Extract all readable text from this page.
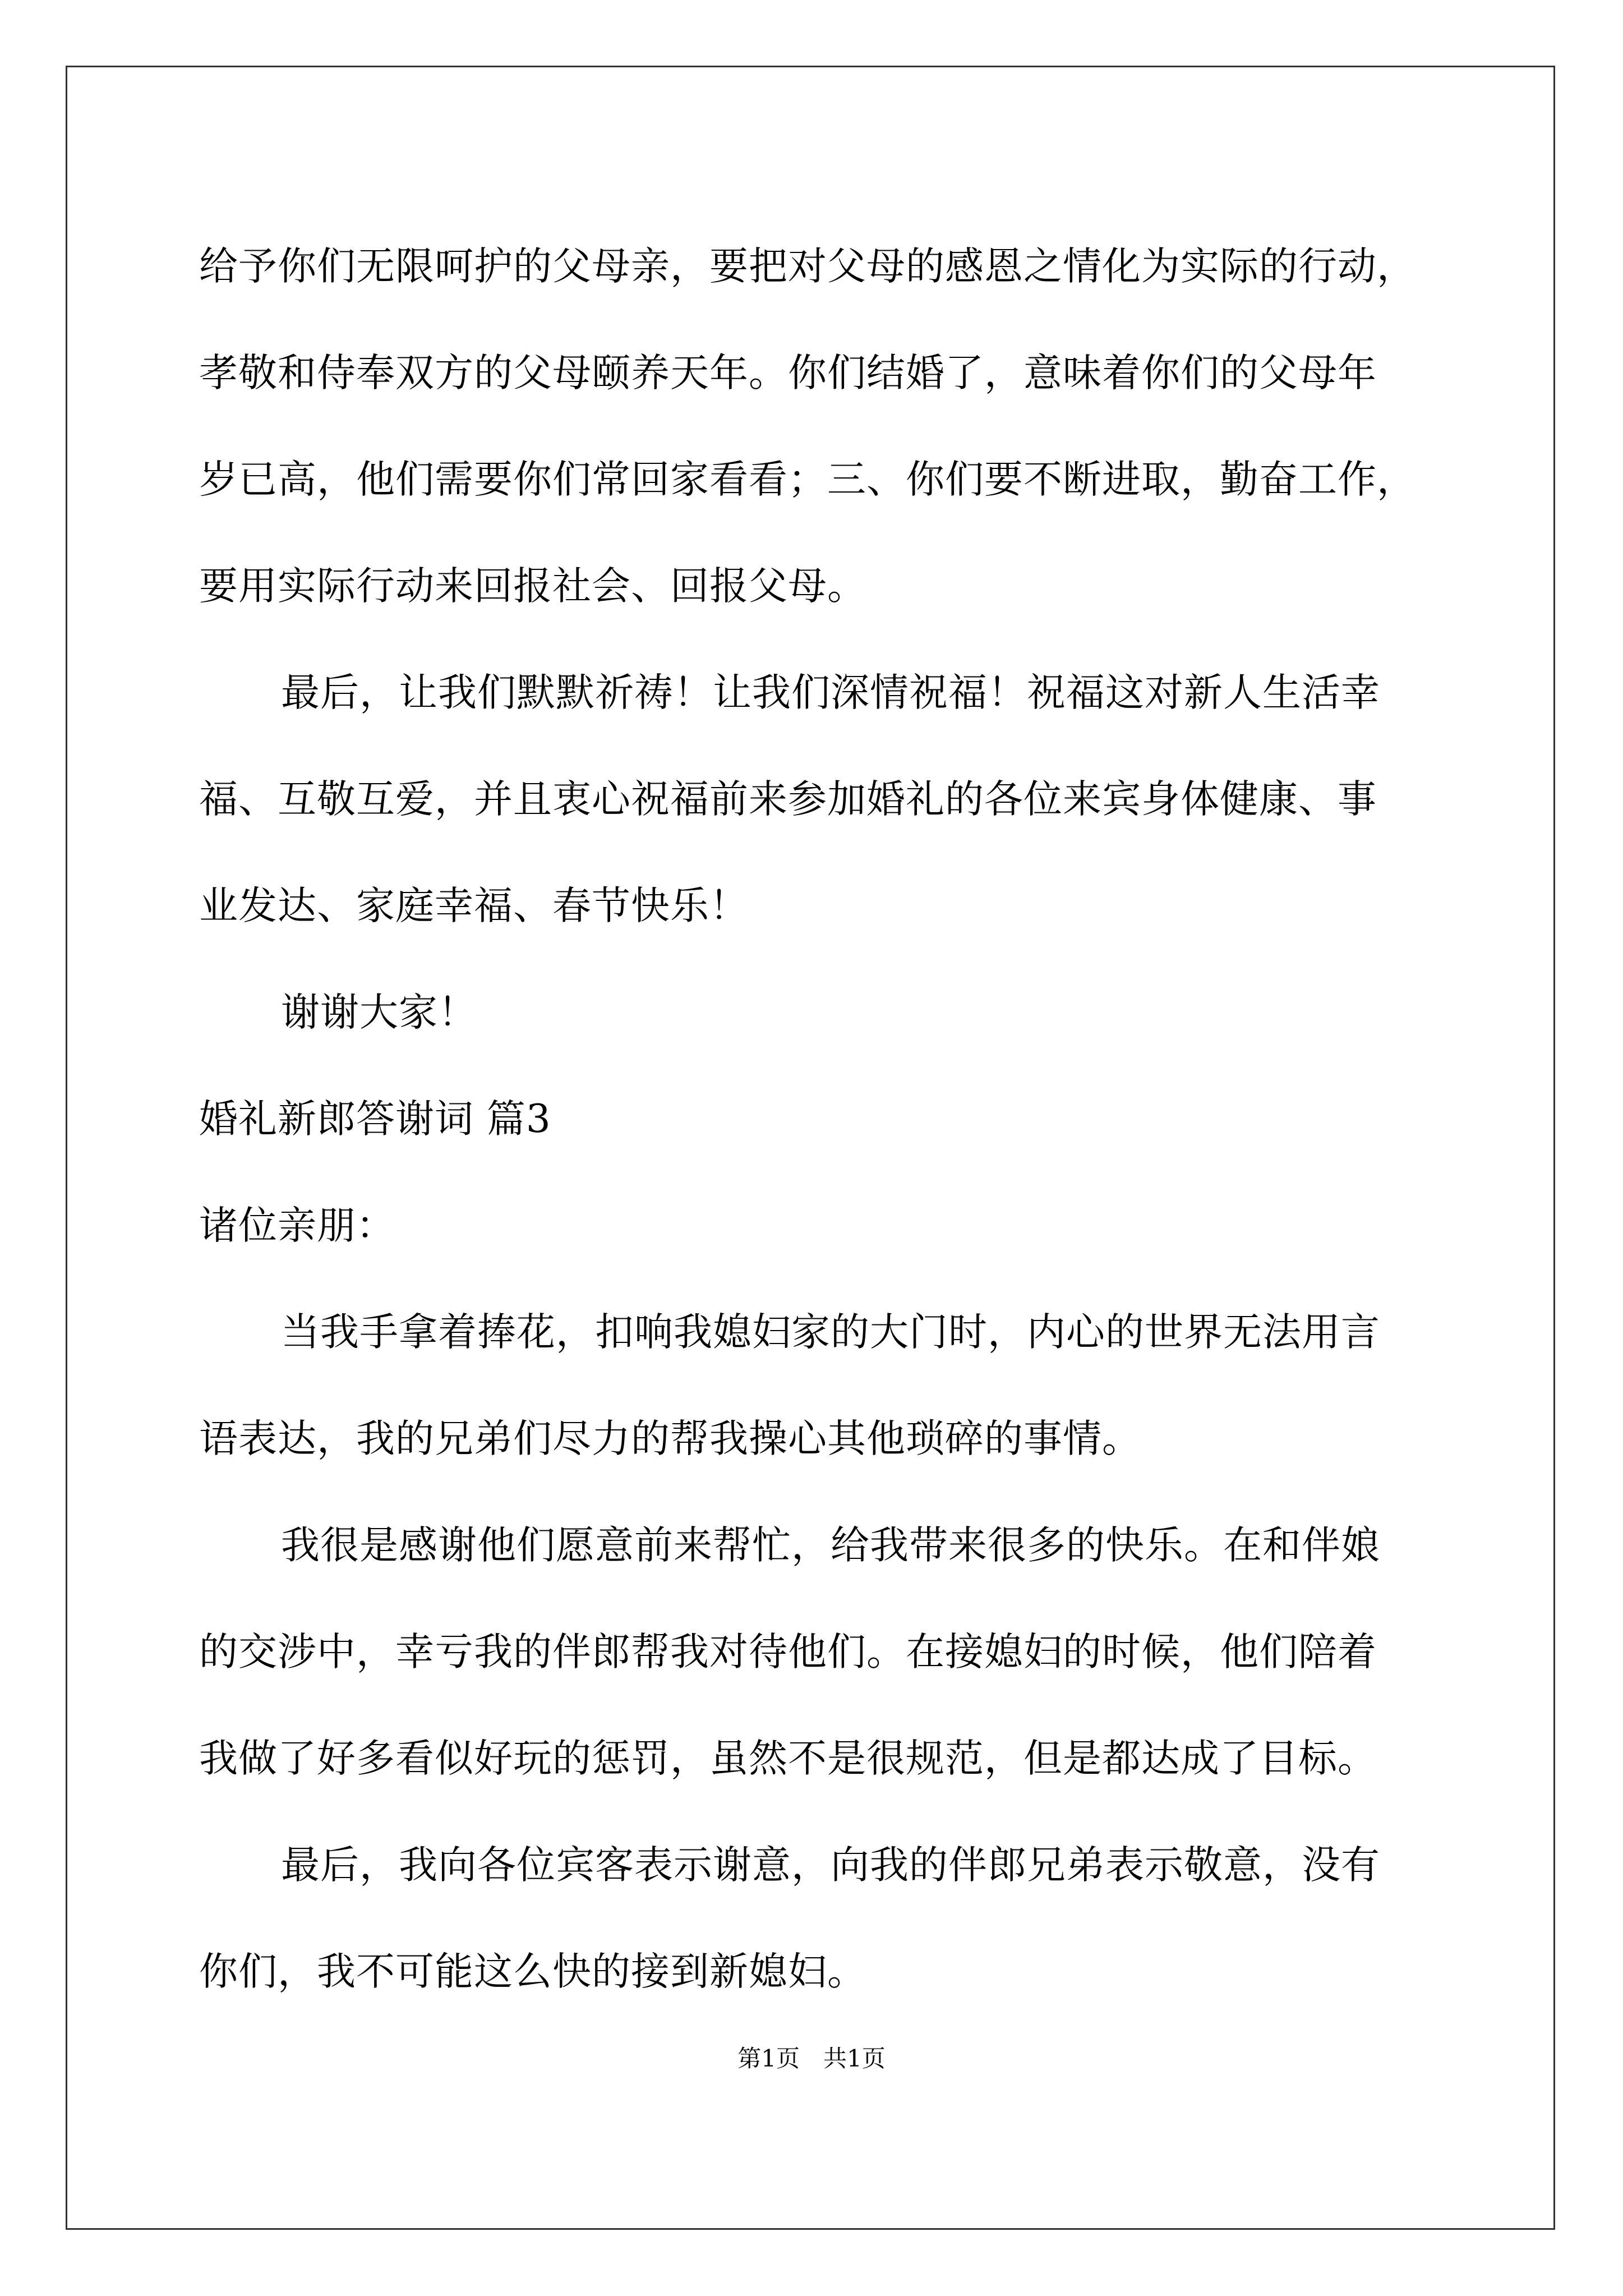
给予你们无限呵护的父母亲，要把对父母的感恩之情化为实际的行动，
孝敬和侍奉双方的父母颐养天年。你们结婚了，意味着你们的父母年
岁已高，他们需要你们常回家看看；三、你们要不断进取，勤奋工作，
要用实际行动来回报社会、回报父母。
最后，让我们默默祈祷！让我们深情祝福！祝福这对新人生活幸
福、互敬互爱，并且衷心祝福前来参加婚礼的各位来宾身体健康、事
业发达、家庭幸福、春节快乐！
谢谢大家！
婚礼新郎答谢词 篇3
诸位亲朋：
当我手拿着捧花，扣响我媳妇家的大门时，内心的世界无法用言
语表达，我的兄弟们尽力的帮我操心其他琐碎的事情。
我很是感谢他们愿意前来帮忙，给我带来很多的快乐。在和伴娘
的交涉中，幸亏我的伴郎帮我对待他们。在接媳妇的时候，他们陪着
我做了好多看似好玩的惩罚，虽然不是很规范，但是都达成了目标。
最后，我向各位宾客表示谢意，向我的伴郎兄弟表示敬意，没有
你们，我不可能这么快的接到新媳妇。
第1页　共1页
